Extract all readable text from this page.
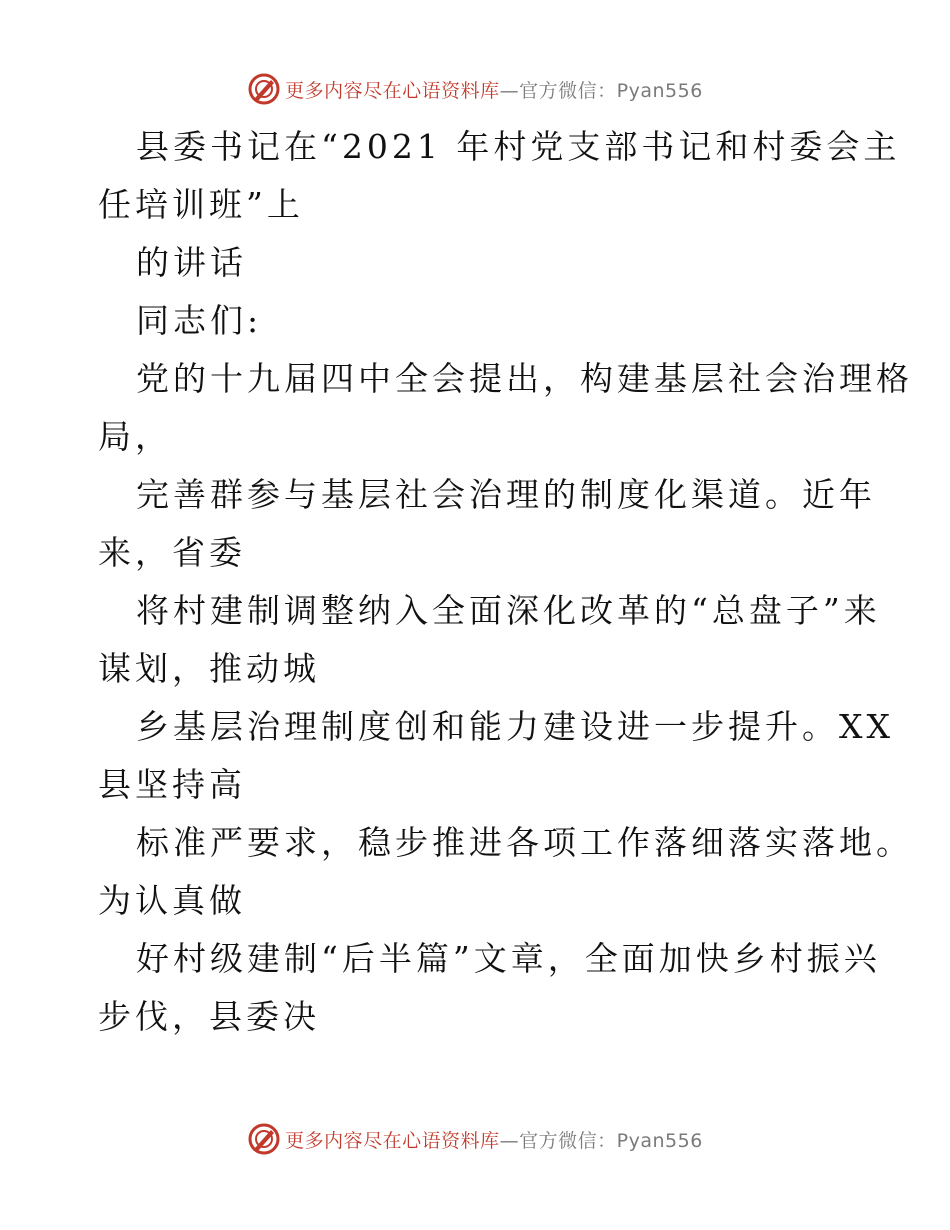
更多内容尽在心语资料库—官方微信：Pyan556
县委书记在“2021 年村党支部书记和村委会主
任培训班”上
的讲话
同志们:
党的十九届四中全会提出，构建基层社会治理格
局，
完善群参与基层社会治理的制度化渠道。近年
来，省委
将村建制调整纳入全面深化改革的“总盘子”来
谋划，推动城
乡基层治理制度创和能力建设进一步提升。XX
县坚持高
标准严要求，稳步推进各项工作落细落实落地。
为认真做
好村级建制“后半篇”文章，全面加快乡村振兴
步伐，县委决
更多内容尽在心语资料库—官方微信：Pyan556
